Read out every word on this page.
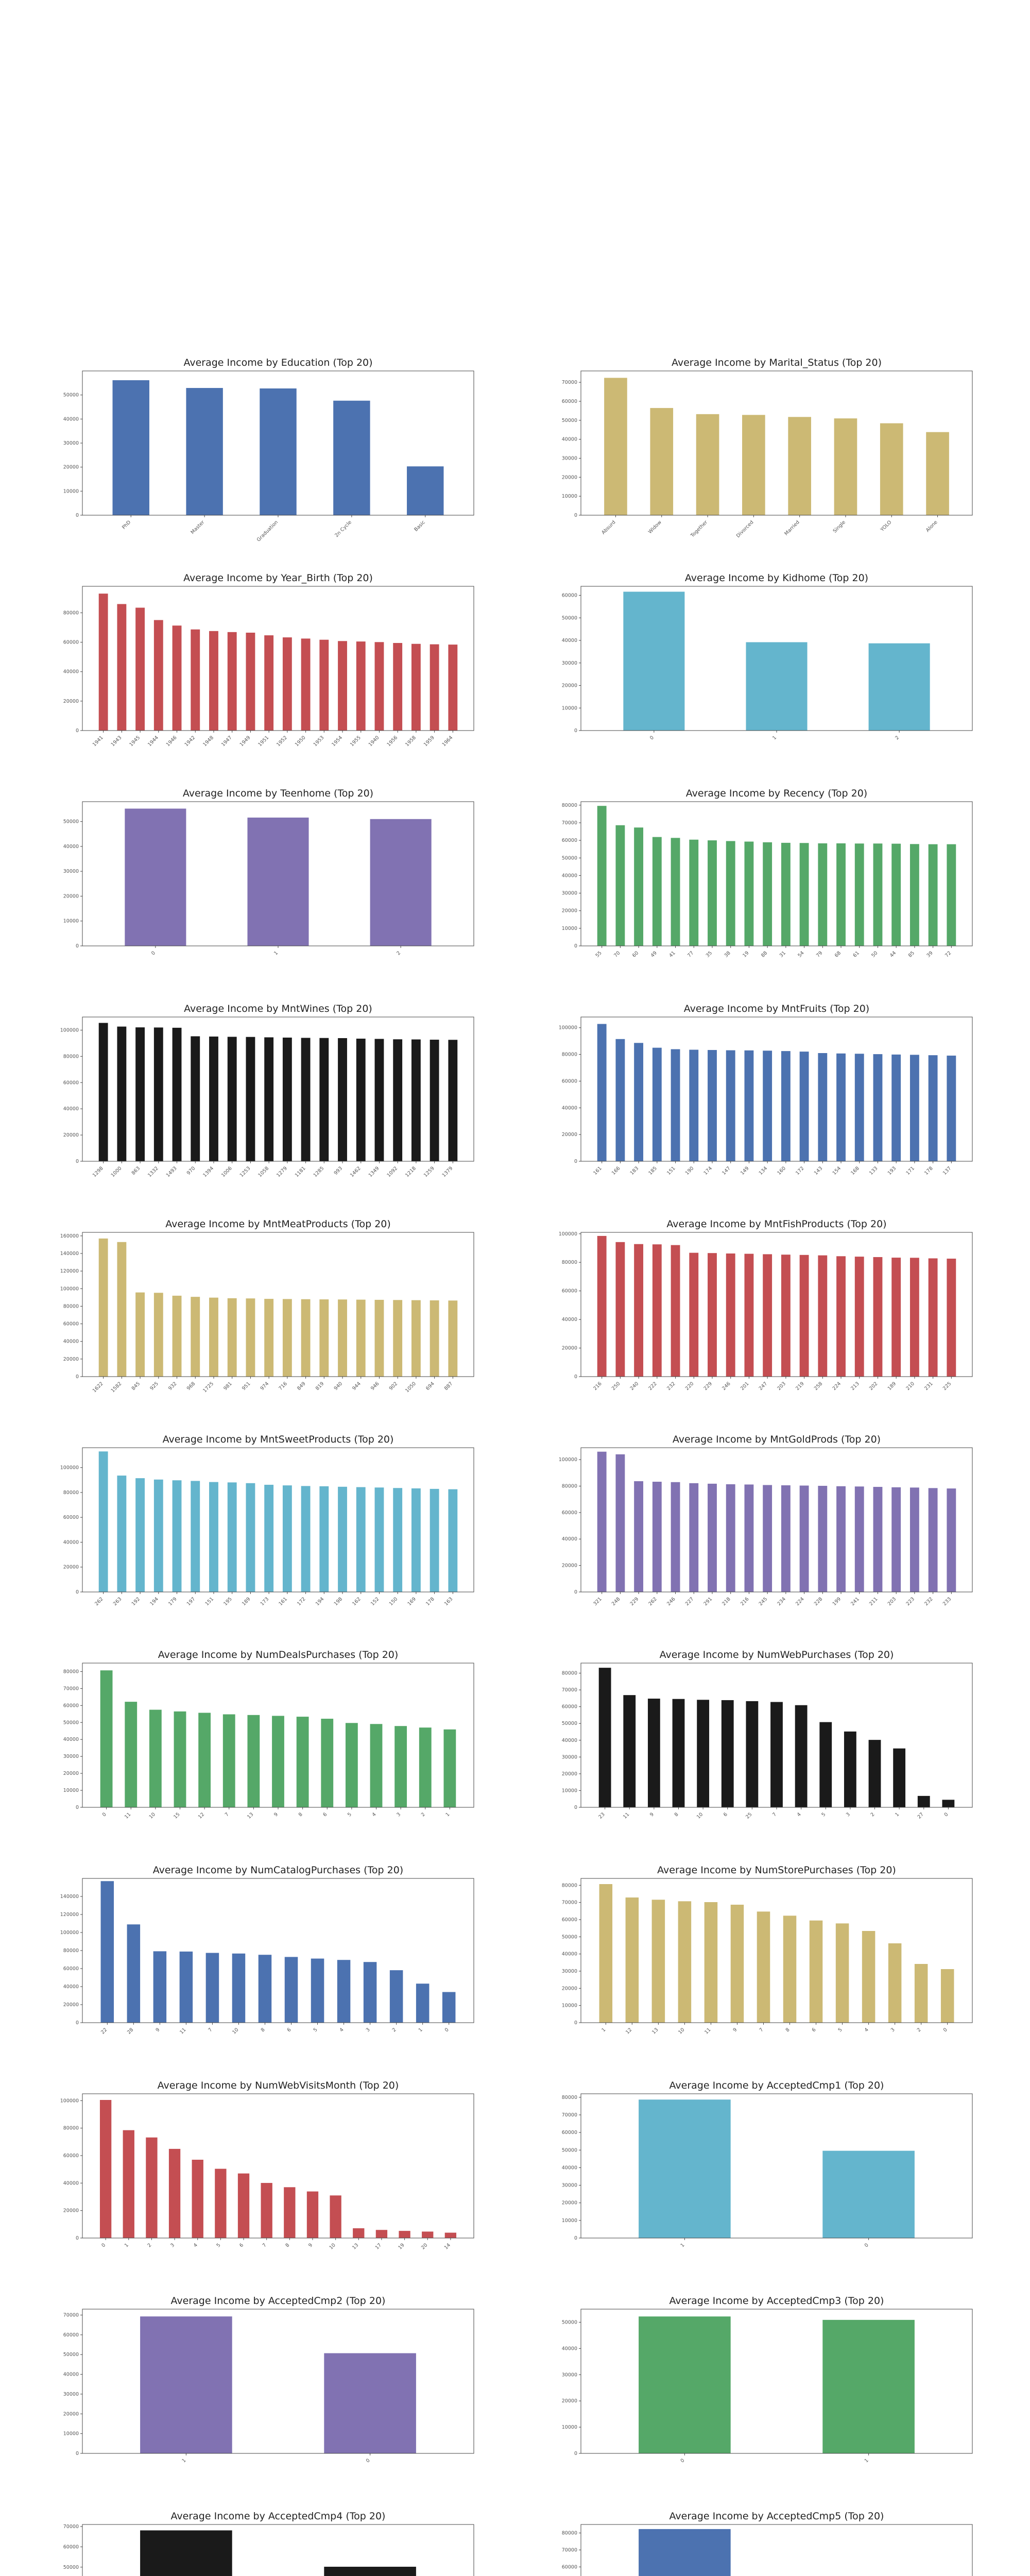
Average Income by Education (Top 20)
0
10000
20000
30000
40000
50000
PhD	Master	Graduation	2n Cycle	Basic
Average Income by Marital_Status (Top 20)
0
10000
20000
30000
40000
50000
60000
70000
Absurd	Widow	Together	Divorced	Married	Single	YOLO	Alone
Average Income by Year_Birth (Top 20)
0
20000
40000
60000
80000
1941 1943 1945 1944 1946 1942 1948 1947 1949 1951 1952 1950 1953 1954 1955 1940 1956 1958 1959 1964
Average Income by Kidhome (Top 20)
0
10000
20000
30000
40000
50000
60000
0	1	2
Average Income by Teenhome (Top 20)
0
10000
20000
30000
40000
50000
0	1	2
Average Income by Recency (Top 20)
0
10000
20000
30000
40000
50000
60000
70000
80000
55 70 60 49 41 77 35 38 19 88 31 54 79 68 61 50 44 85 39 72
Average Income by MntWines (Top 20)
0
20000
40000
60000
80000
100000
1298 1000 863 1332 1493 970 1394 1006 1253 1058 1279 1181 1285 993 1462 1349 1092 1218 1259 1379
Average Income by MntFruits (Top 20)
0
20000
40000
60000
80000
100000
161 166 183 185 151 190 174 147 149 134 160 172 143 154 168 133 193 171 178 137
Average Income by MntMeatProducts (Top 20)
0
20000
40000
60000
80000
100000
120000
140000
160000
1622 1582 845 925 932 968 1725 981 951 974 716 849 819 940 944 946 902 1050 694 887
Average Income by MntFishProducts (Top 20)
0
20000
40000
60000
80000
100000
216 250 240 222 232 220 229 246 201 247 203 219 258 224 213 202 189 210 231 225
Average Income by MntSweetProducts (Top 20)
0
20000
40000
60000
80000
100000
262 263 192 194 179 197 151 195 189 173 161 172 194 198 162 152 150 169 178 163
Average Income by MntGoldProds (Top 20)
0
20000
40000
60000
80000
100000
321 248 229 262 246 227 291 218 216 245 234 224 228 199 241 211 203 223 232 233
Average Income by NumDealsPurchases (Top 20)
0
10000
20000
30000
40000
50000
60000
70000
80000
0	11	10	15	12	7	13	9	8	6	5	4	3	2	1
Average Income by NumWebPurchases (Top 20)
0
10000
20000
30000
40000
50000
60000
70000
80000
23	11	9	8	10	6	25	7	4	5	3	2	1	27	0
Average Income by NumCatalogPurchases (Top 20)
0
20000
40000
60000
80000
100000
120000
140000
22	28	9	11	7	10	8	6	5	4	3	2	1	0
Average Income by NumStorePurchases (Top 20)
0
10000
20000
30000
40000
50000
60000
70000
80000
1	12	13	10	11	9	7	8	6	5	4	3	2	0
Average Income by NumWebVisitsMonth (Top 20)
0
20000
40000
60000
80000
100000
0	1	2	3	4	5	6	7	8	9	10	13	17	19	20	14
Average Income by AcceptedCmp1 (Top 20)
0
10000
20000
30000
40000
50000
60000
70000
80000
1	0
Average Income by AcceptedCmp2 (Top 20)
0
10000
20000
30000
40000
50000
60000
70000
1	0
Average Income by AcceptedCmp3 (Top 20)
0
10000
20000
30000
40000
50000
0	1
Average Income by AcceptedCmp4 (Top 20)
50000
60000
70000
Average Income by AcceptedCmp5 (Top 20)
60000
70000
80000
